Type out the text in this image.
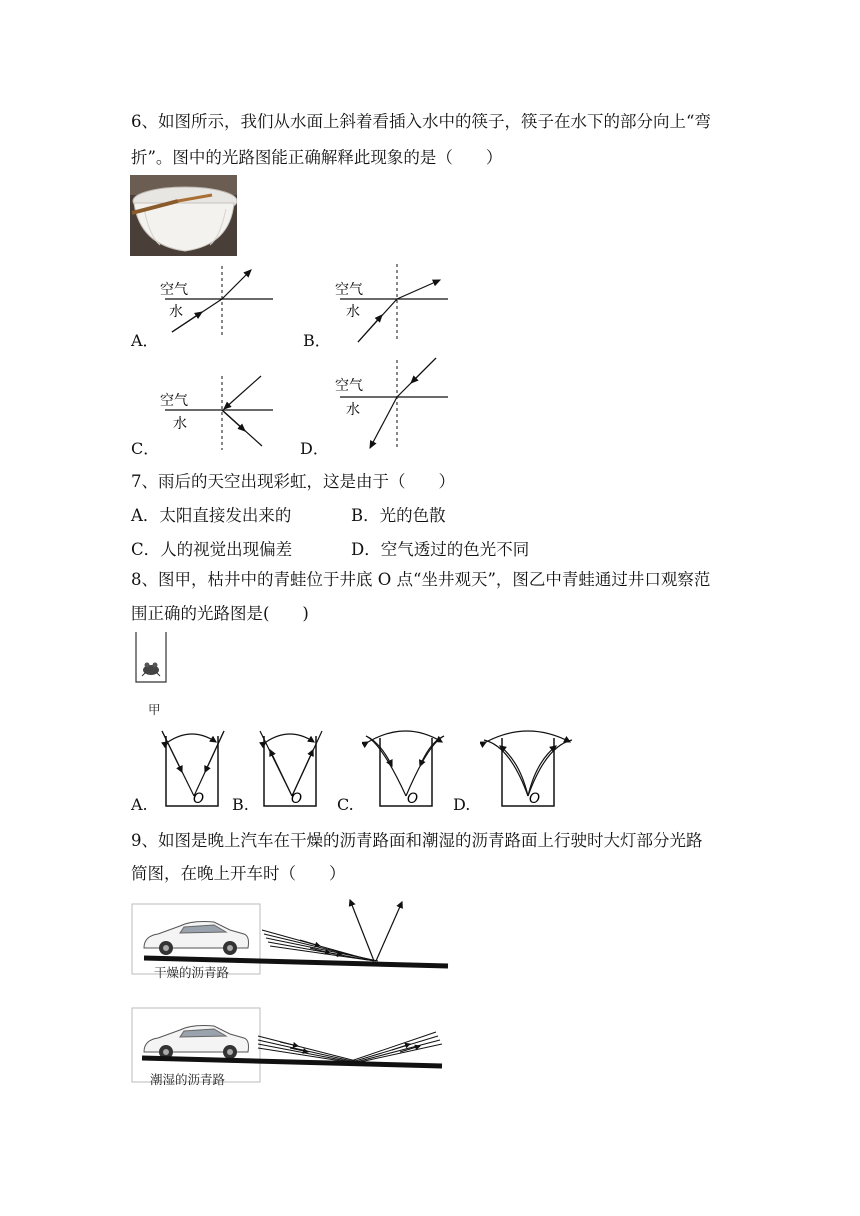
6、如图所示，我们从水面上斜着看插入水中的筷子，筷子在水下的部分向上“弯
折”。图中的光路图能正确解释此现象的是（　　）
A．
空气
水
B．
空气
水
C．
空气
水
D．
空气
水
7、雨后的天空出现彩虹，这是由于（　　）
A．太阳直接发出来的	B．光的色散
C．人的视觉出现偏差	D．空气透过的色光不同
8、图甲，枯井中的青蛙位于井底 O 点“坐井观天”，图乙中青蛙通过井口观察范
围正确的光路图是(　　)
甲
A.	B.	C.	D.
O	O	O	O
9、如图是晚上汽车在干燥的沥青路面和潮湿的沥青路面上行驶时大灯部分光路
简图，在晚上开车时（　　）
干燥的沥青路
潮湿的沥青路
